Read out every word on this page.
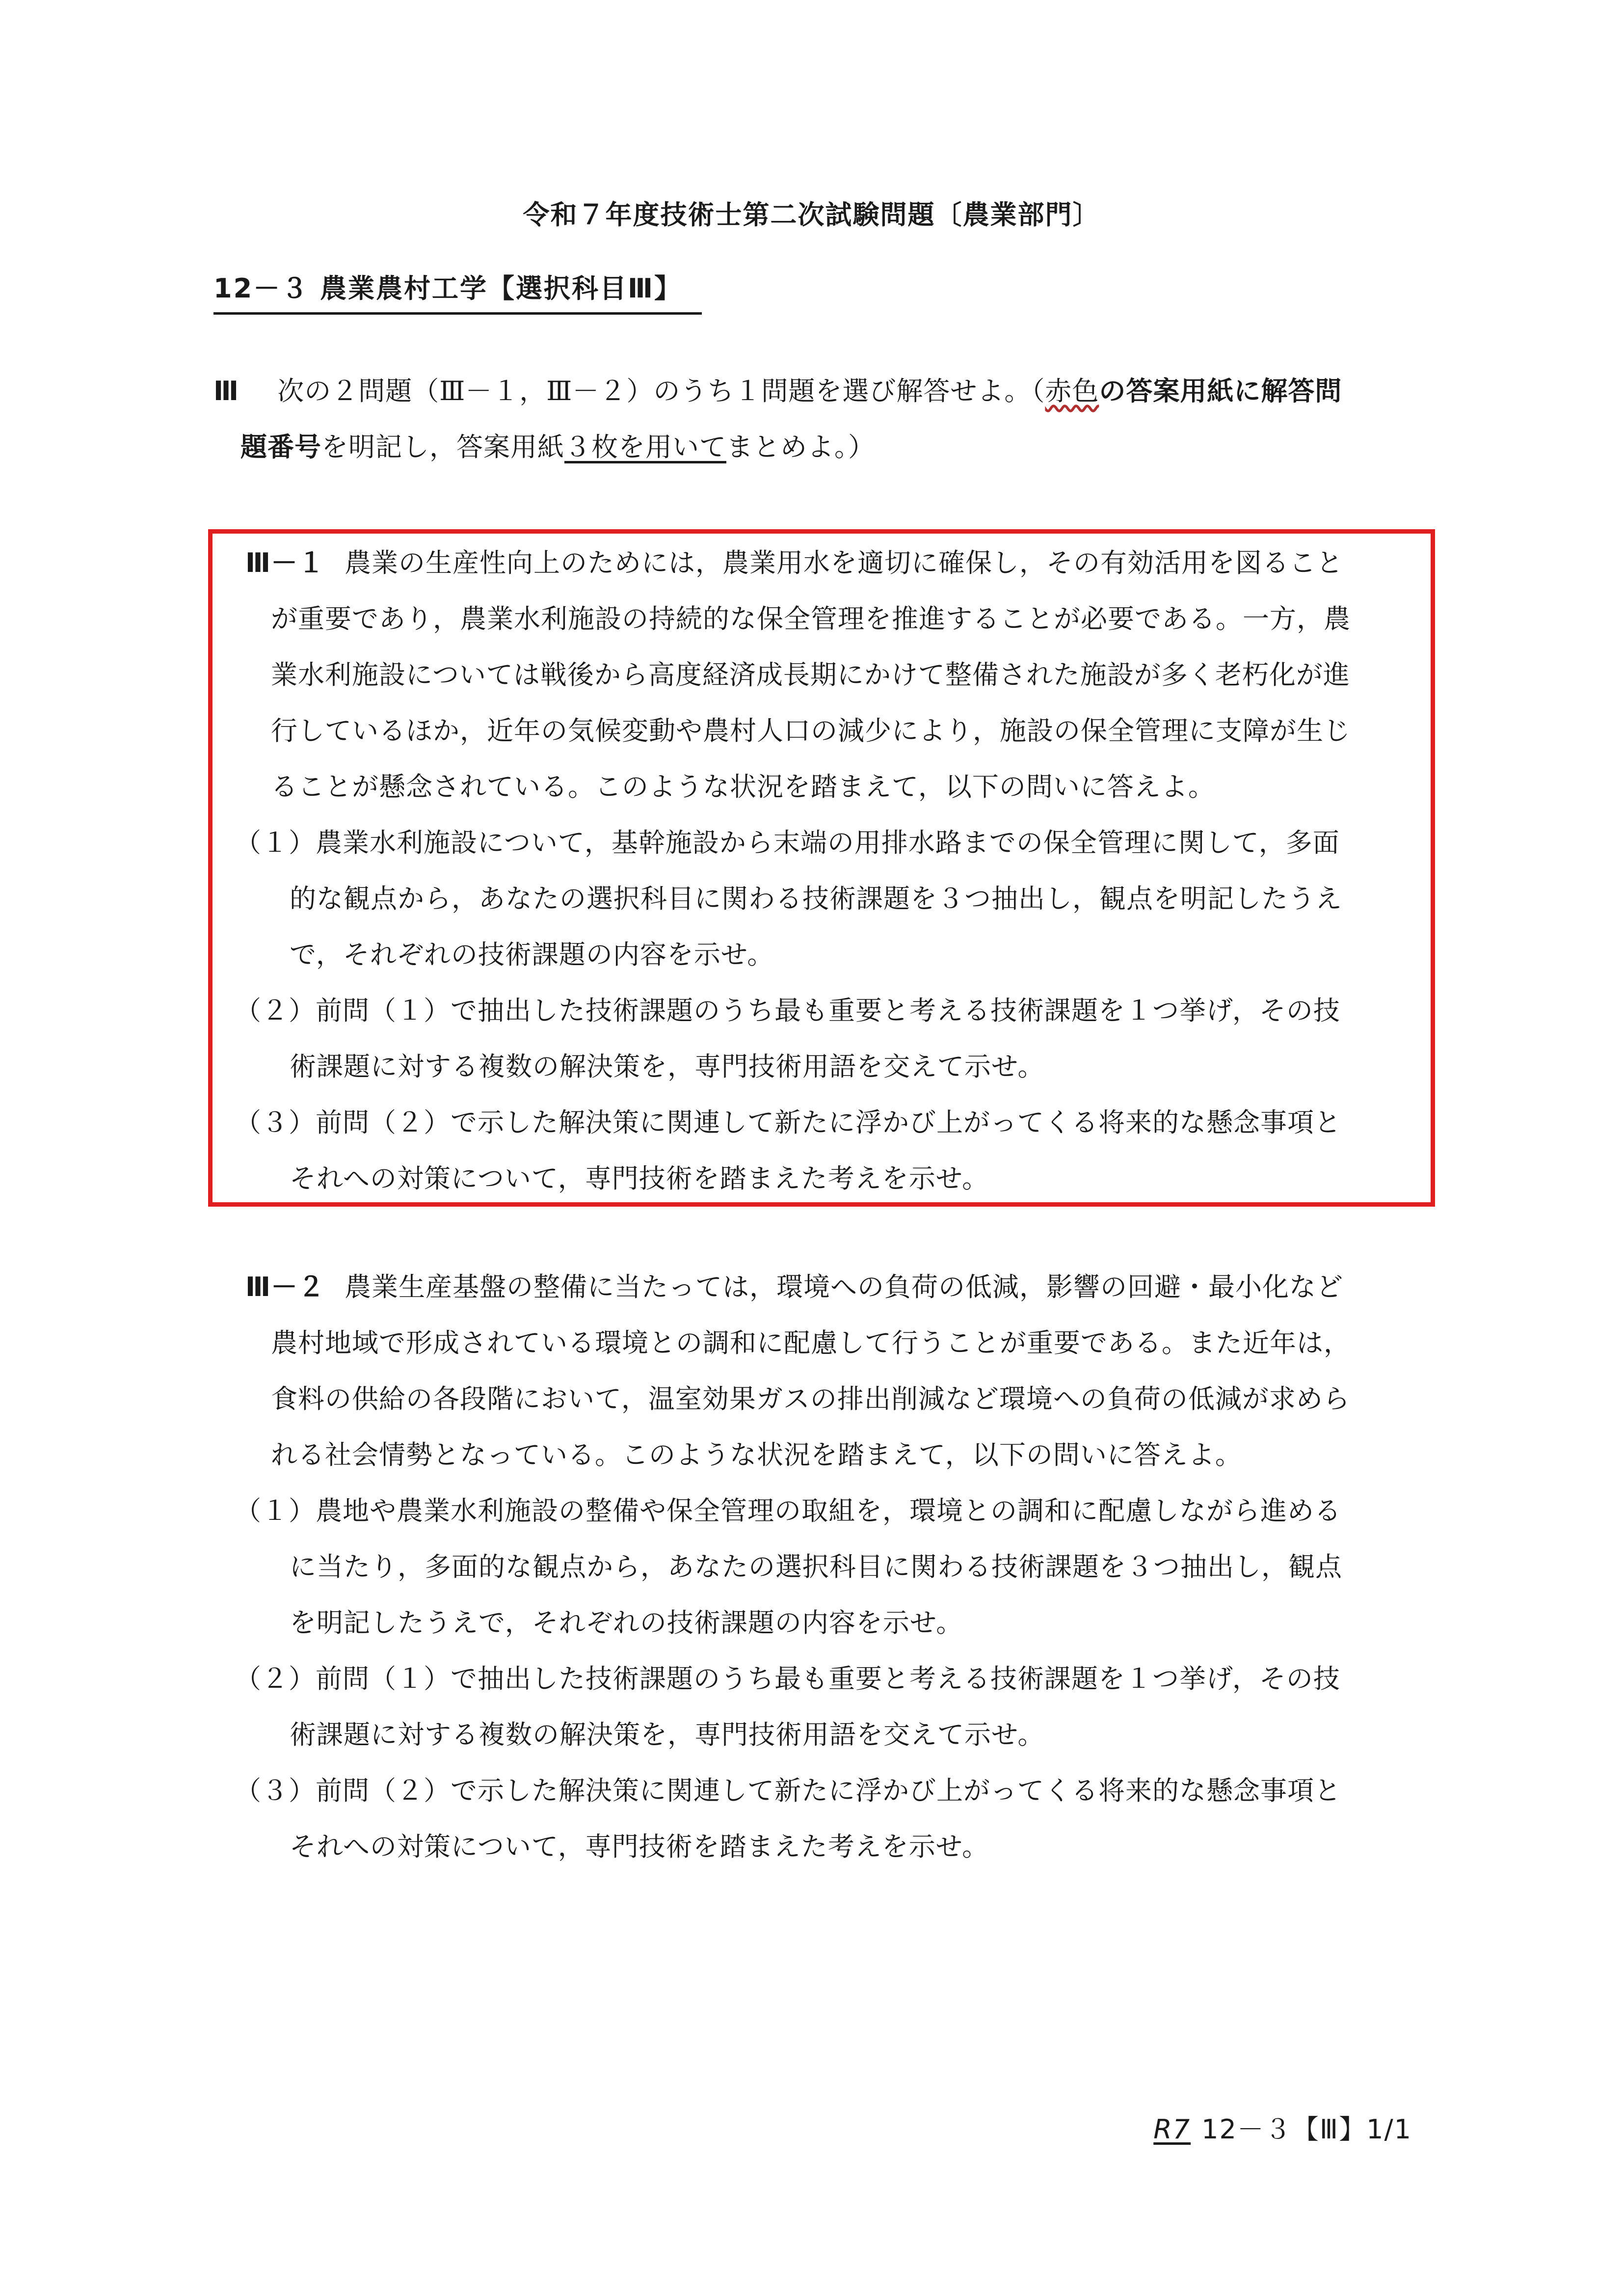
令和７年度技術士第二次試験問題〔農業部門〕
12－３ 農業農村工学【選択科目Ⅲ】
Ⅲ 次の２問題（Ⅲ－１，Ⅲ－２）のうち１問題を選び解答せよ。（赤色の答案用紙に解答問
題番号を明記し，答案用紙３枚を用いてまとめよ。）

Ⅲ－１ 農業の生産性向上のためには，農業用水を適切に確保し，その有効活用を図ること

が重要であり，農業水利施設の持続的な保全管理を推進することが必要である。一方，農

業水利施設については戦後から高度経済成長期にかけて整備された施設が多く老朽化が進

行しているほか，近年の気候変動や農村人口の減少により，施設の保全管理に支障が生じ

ることが懸念されている。このような状況を踏まえて，以下の問いに答えよ。

（１）農業水利施設について，基幹施設から末端の用排水路までの保全管理に関して，多面

的な観点から，あなたの選択科目に関わる技術課題を３つ抽出し，観点を明記したうえ

で，それぞれの技術課題の内容を示せ。

（２）前問（１）で抽出した技術課題のうち最も重要と考える技術課題を１つ挙げ，その技

術課題に対する複数の解決策を，専門技術用語を交えて示せ。

（３）前問（２）で示した解決策に関連して新たに浮かび上がってくる将来的な懸念事項と

それへの対策について，専門技術を踏まえた考えを示せ。

Ⅲ－２ 農業生産基盤の整備に当たっては，環境への負荷の低減，影響の回避・最小化など

農村地域で形成されている環境との調和に配慮して行うことが重要である。また近年は，

食料の供給の各段階において，温室効果ガスの排出削減など環境への負荷の低減が求めら

れる社会情勢となっている。このような状況を踏まえて，以下の問いに答えよ。

（１）農地や農業水利施設の整備や保全管理の取組を，環境との調和に配慮しながら進める

に当たり，多面的な観点から，あなたの選択科目に関わる技術課題を３つ抽出し，観点

を明記したうえで，それぞれの技術課題の内容を示せ。

（２）前問（１）で抽出した技術課題のうち最も重要と考える技術課題を１つ挙げ，その技

術課題に対する複数の解決策を，専門技術用語を交えて示せ。

（３）前問（２）で示した解決策に関連して新たに浮かび上がってくる将来的な懸念事項と

それへの対策について，専門技術を踏まえた考えを示せ。

R7 12－３【Ⅲ】1/1
